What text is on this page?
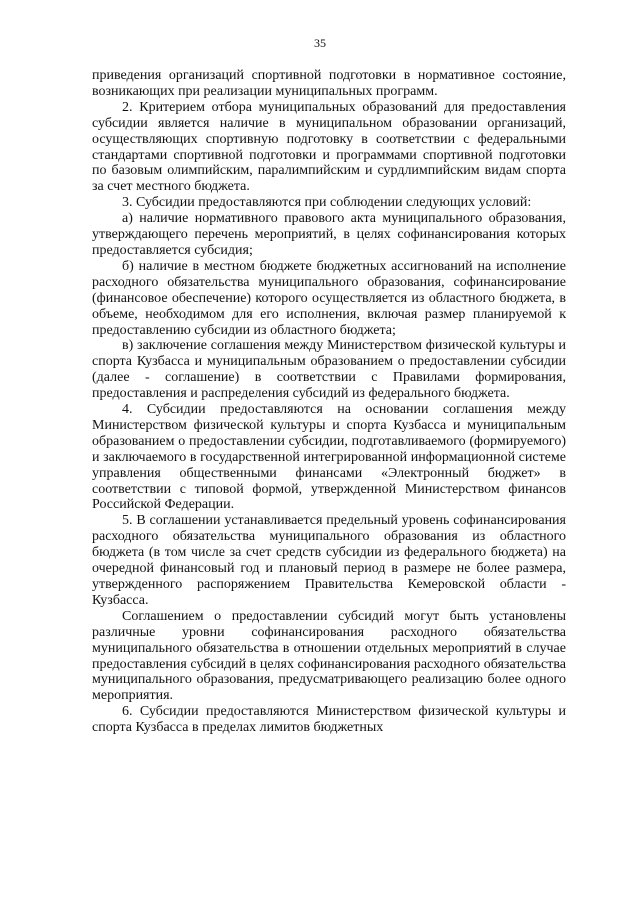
35

приведения организаций спортивной подготовки в нормативное состояние, возникающих при реализации муниципальных программ.

2. Критерием отбора муниципальных образований для предоставления субсидии является наличие в муниципальном образовании организаций, осуществляющих спортивную подготовку в соответствии с федеральными стандартами спортивной подготовки и программами спортивной подготовки по базовым олимпийским, паралимпийским и сурдлимпийским видам спорта за счет местного бюджета.

3. Субсидии предоставляются при соблюдении следующих условий:

а) наличие нормативного правового акта муниципального образования, утверждающего перечень мероприятий, в целях софинансирования которых предоставляется субсидия;

б) наличие в местном бюджете бюджетных ассигнований на исполнение расходного обязательства муниципального образования, софинансирование (финансовое обеспечение) которого осуществляется из областного бюджета, в объеме, необходимом для его исполнения, включая размер планируемой к предоставлению субсидии из областного бюджета;

в) заключение соглашения между Министерством физической культуры и спорта Кузбасса и муниципальным образованием о предоставлении субсидии (далее - соглашение) в соответствии с Правилами формирования, предоставления и распределения субсидий из федерального бюджета.

4. Субсидии предоставляются на основании соглашения между Министерством физической культуры и спорта Кузбасса и муниципальным образованием о предоставлении субсидии, подготавливаемого (формируемого) и заключаемого в государственной интегрированной информационной системе управления общественными финансами «Электронный бюджет» в соответствии с типовой формой, утвержденной Министерством финансов Российской Федерации.

5. В соглашении устанавливается предельный уровень софинансирования расходного обязательства муниципального образования из областного бюджета (в том числе за счет средств субсидии из федерального бюджета) на очередной финансовый год и плановый период в размере не более размера, утвержденного распоряжением Правительства Кемеровской области - Кузбасса.

Соглашением о предоставлении субсидий могут быть установлены различные уровни софинансирования расходного обязательства муниципального обязательства в отношении отдельных мероприятий в случае предоставления субсидий в целях софинансирования расходного обязательства муниципального образования, предусматривающего реализацию более одного мероприятия.

6. Субсидии предоставляются Министерством физической культуры и спорта Кузбасса в пределах лимитов бюджетных
